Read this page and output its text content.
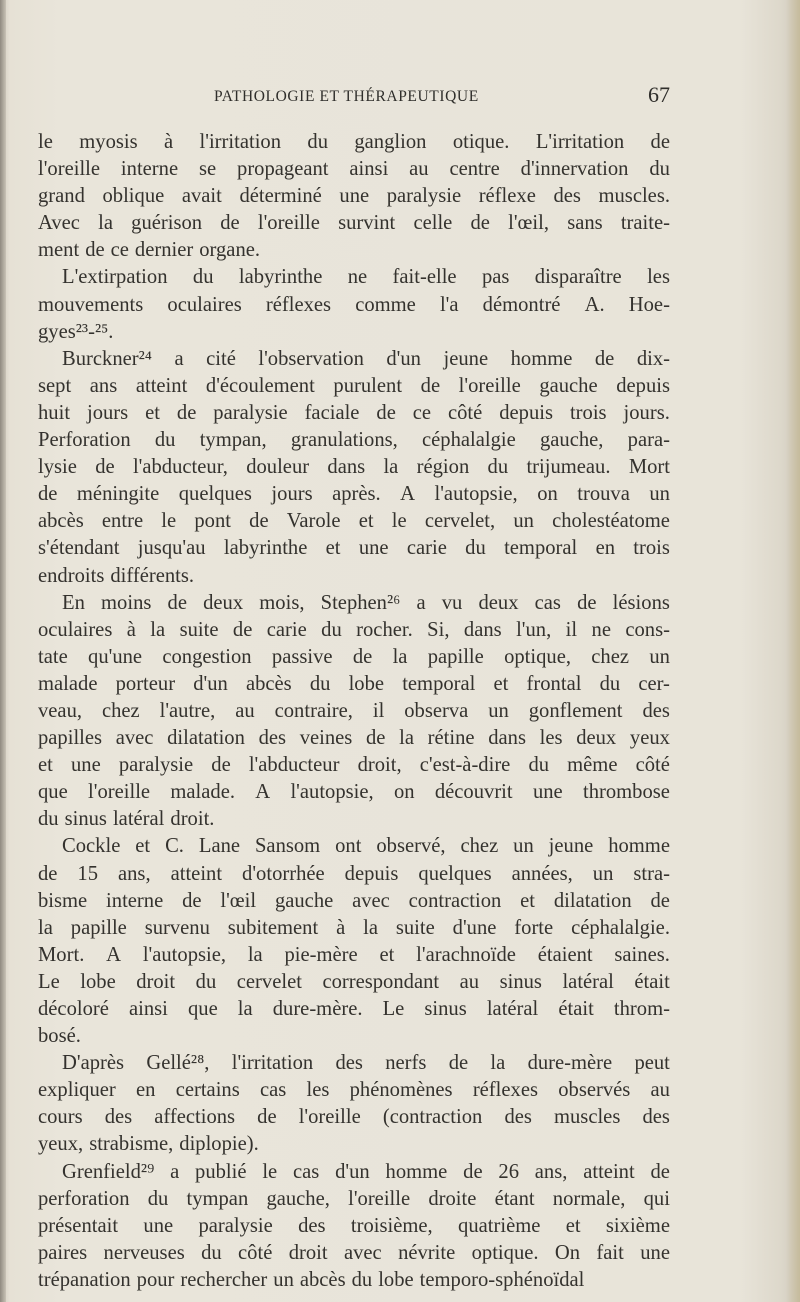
PATHOLOGIE ET THÉRAPEUTIQUE	67
le myosis à l'irritation du ganglion otique. L'irritation de
l'oreille interne se propageant ainsi au centre d'innervation du
grand oblique avait déterminé une paralysie réflexe des muscles.
Avec la guérison de l'oreille survint celle de l'œil, sans traite-
ment de ce dernier organe.
L'extirpation du labyrinthe ne fait-elle pas disparaître les
mouvements oculaires réflexes comme l'a démontré A. Hoe-
gyes²³-²⁵.
Burckner²⁴ a cité l'observation d'un jeune homme de dix-
sept ans atteint d'écoulement purulent de l'oreille gauche depuis
huit jours et de paralysie faciale de ce côté depuis trois jours.
Perforation du tympan, granulations, céphalalgie gauche, para-
lysie de l'abducteur, douleur dans la région du trijumeau. Mort
de méningite quelques jours après. A l'autopsie, on trouva un
abcès entre le pont de Varole et le cervelet, un cholestéatome
s'étendant jusqu'au labyrinthe et une carie du temporal en trois
endroits différents.
En moins de deux mois, Stephen²⁶ a vu deux cas de lésions
oculaires à la suite de carie du rocher. Si, dans l'un, il ne cons-
tate qu'une congestion passive de la papille optique, chez un
malade porteur d'un abcès du lobe temporal et frontal du cer-
veau, chez l'autre, au contraire, il observa un gonflement des
papilles avec dilatation des veines de la rétine dans les deux yeux
et une paralysie de l'abducteur droit, c'est-à-dire du même côté
que l'oreille malade. A l'autopsie, on découvrit une thrombose
du sinus latéral droit.
Cockle et C. Lane Sansom ont observé, chez un jeune homme
de 15 ans, atteint d'otorrhée depuis quelques années, un stra-
bisme interne de l'œil gauche avec contraction et dilatation de
la papille survenu subitement à la suite d'une forte céphalalgie.
Mort. A l'autopsie, la pie-mère et l'arachnoïde étaient saines.
Le lobe droit du cervelet correspondant au sinus latéral était
décoloré ainsi que la dure-mère. Le sinus latéral était throm-
bosé.
D'après Gellé²⁸, l'irritation des nerfs de la dure-mère peut
expliquer en certains cas les phénomènes réflexes observés au
cours des affections de l'oreille (contraction des muscles des
yeux, strabisme, diplopie).
Grenfield²⁹ a publié le cas d'un homme de 26 ans, atteint de
perforation du tympan gauche, l'oreille droite étant normale, qui
présentait une paralysie des troisième, quatrième et sixième
paires nerveuses du côté droit avec névrite optique. On fait une
trépanation pour rechercher un abcès du lobe temporo-sphénoïdal
